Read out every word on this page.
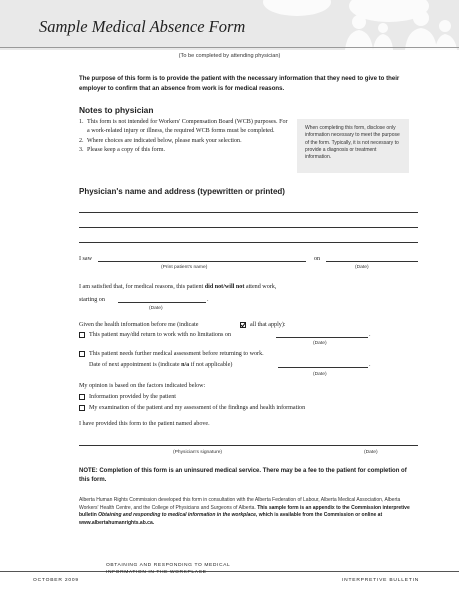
Sample Medical Absence Form
(To be completed by attending physician)
The purpose of this form is to provide the patient with the necessary information that they need to give to their employer to confirm that an absence from work is for medical reasons.
Notes to physician
1. This form is not intended for Workers' Compensation Board (WCB) purposes. For a work-related injury or illness, the required WCB forms must be completed.
2. Where choices are indicated below, please mark your selection.
3. Please keep a copy of this form.
When completing this form, disclose only information necessary to meet the purpose of the form. Typically, it is not necessary to provide a diagnosis or treatment information.
Physician's name and address (typewritten or printed)
I saw	on
(Print patient's name)	(Date)
I am satisfied that, for medical reasons, this patient did not/will not attend work,
starting on	.
(Date)
Given the health information before me (indicate	all that apply):
This patient may/did return to work with no limitations on	.
(Date)
This patient needs further medical assessment before returning to work.
Date of next appointment is (indicate n/a if not applicable)	.
(Date)
My opinion is based on the factors indicated below:
Information provided by the patient
My examination of the patient and my assessment of the findings and health information
I have provided this form to the patient named above.
(Physician's signature)	(Date)
NOTE: Completion of this form is an uninsured medical service. There may be a fee to the patient for completion of this form.
Alberta Human Rights Commission developed this form in consultation with the Alberta Federation of Labour, Alberta Medical Association, Alberta Workers' Health Centre, and the College of Physicians and Surgeons of Alberta. This sample form is an appendix to the Commission interpretive bulletin Obtaining and responding to medical information in the workplace, which is available from the Commission or online at www.albertahumanrights.ab.ca.
OCTOBER 2009
OBTAINING AND RESPONDING TO MEDICAL
INFORMATION IN THE WORKPLACE
INTERPRETIVE BULLETIN
